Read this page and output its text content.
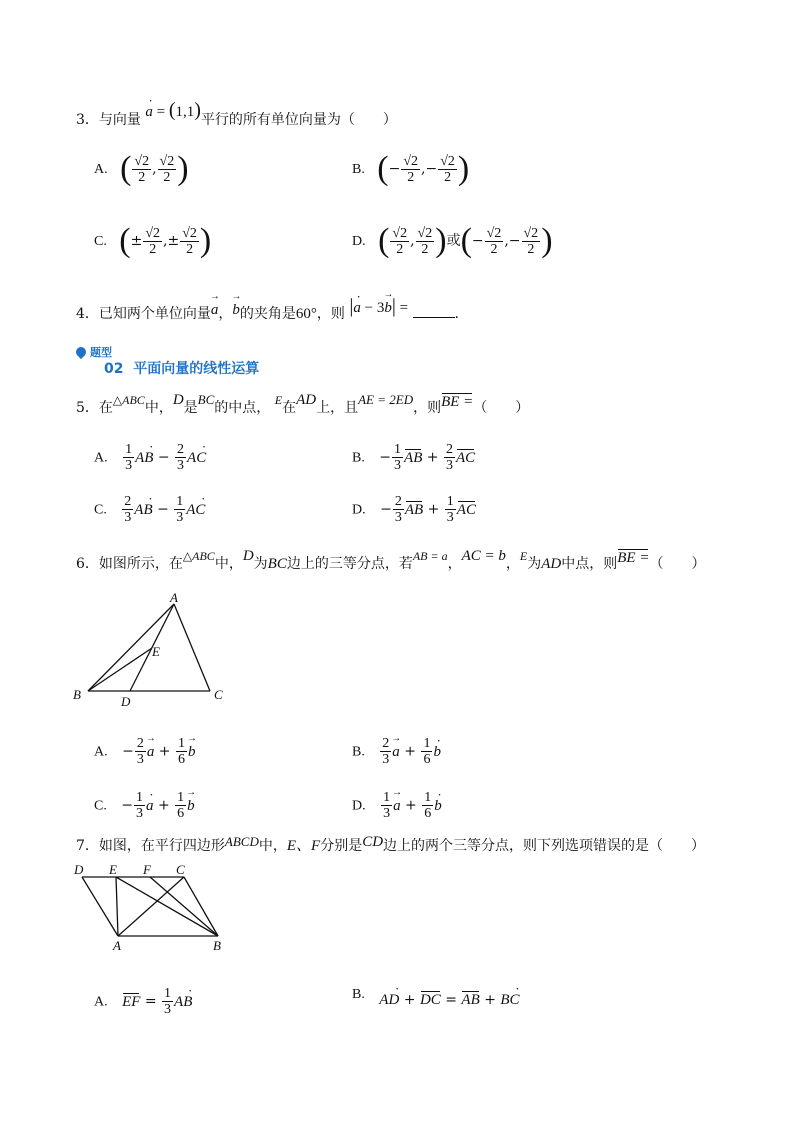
3．与向量 · a = (1,1)平行的所有单位向量为（　　）
A. ( $\frac{√2}{2}$ , $\frac{√2}{2}$ )	B. (− $\frac{√2}{2}$ ,− $\frac{√2}{2}$ )
C. (± $\frac{√2}{2}$ ,± $\frac{√2}{2}$ )	D. ( $\frac{√2}{2}$ , $\frac{√2}{2}$ )或(− $\frac{√2}{2}$ ,− $\frac{√2}{2}$ )
4．已知两个单位向量→ a，→ b的夹角是60°，则 |· a − 3→ b| =	.
题型
02 平面向量的线性运算
5．在△ABC中，D是BC的中点， E在AD上，且AE = 2ED，则BE =（　　）
A. $\frac{1}{3}$
· AB − $\frac{2}{3}$
· AC	B. − $\frac{1}{3}$ AB + $\frac{2}{3}$ AC
C. $\frac{2}{3}$
· AB − $\frac{1}{3}$
· AC	D. − $\frac{2}{3}$ AB + $\frac{1}{3}$ AC
6．如图所示，在△ABC中，D为BC边上的三等分点，若AB = a，AC = b，E为AD中点，则BE =（　　）
A
B	C
D
E
A. − $\frac{2}{3}$
→ $a + \frac{1}{6}$
→ b	B. $\frac{2}{3}$
→ $a + \frac{1}{6}$
· b
C. − $\frac{1}{3}$
· $a + \frac{1}{6}$
→ b	D. $\frac{1}{3}$
→ $a + \frac{1}{6}$
· b
7．如图，在平行四边形ABCD中，E、F分别是CD边上的两个三等分点，则下列选项错误的是（　　）
D E F C
A	B
A. EF = $\frac{1}{3}$
· AB	B. · AD + DC = AB + · BC
